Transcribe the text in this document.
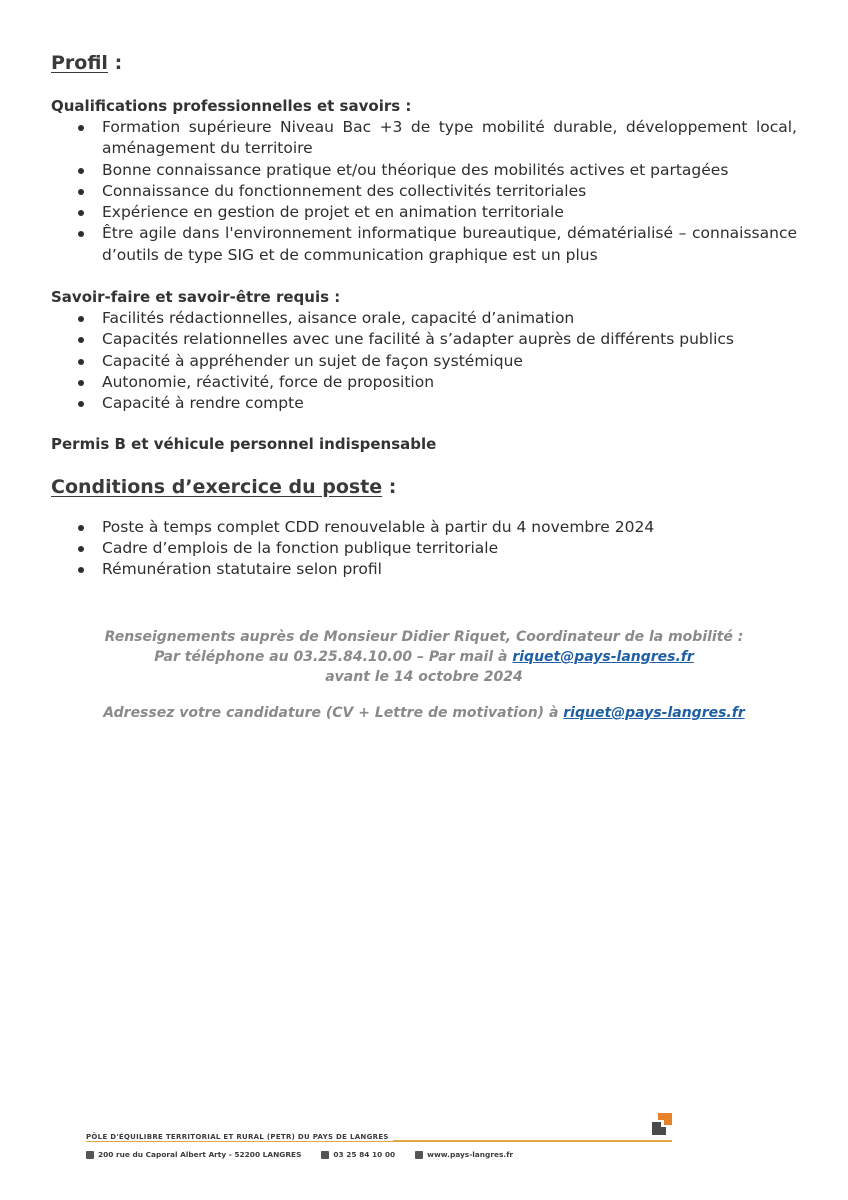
Profil :

Qualifications professionnelles et savoirs :

Formation supérieure Niveau Bac +3 de type mobilité durable, développement local, aménagement du territoire
Bonne connaissance pratique et/ou théorique des mobilités actives et partagées
Connaissance du fonctionnement des collectivités territoriales
Expérience en gestion de projet et en animation territoriale
Être agile dans l'environnement informatique bureautique, dématérialisé – connaissance d’outils de type SIG et de communication graphique est un plus

Savoir-faire et savoir-être requis :

Facilités rédactionnelles, aisance orale, capacité d’animation
Capacités relationnelles avec une facilité à s’adapter auprès de différents publics
Capacité à appréhender un sujet de façon systémique
Autonomie, réactivité, force de proposition
Capacité à rendre compte

Permis B et véhicule personnel indispensable

Conditions d’exercice du poste :
Poste à temps complet CDD renouvelable à partir du 4 novembre 2024
Cadre d’emplois de la fonction publique territoriale
Rémunération statutaire selon profil
Renseignements auprès de Monsieur Didier Riquet, Coordinateur de la mobilité :
Par téléphone au 03.25.84.10.00 – Par mail à riquet@pays-langres.fr
avant le 14 octobre 2024
Adressez votre candidature (CV + Lettre de motivation) à riquet@pays-langres.fr
PÔLE D'ÉQUILIBRE TERRITORIAL ET RURAL (PETR) DU PAYS DE LANGRES
200 rue du Caporal Albert Arty - 52200 LANGRES	03 25 84 10 00	www.pays-langres.fr
